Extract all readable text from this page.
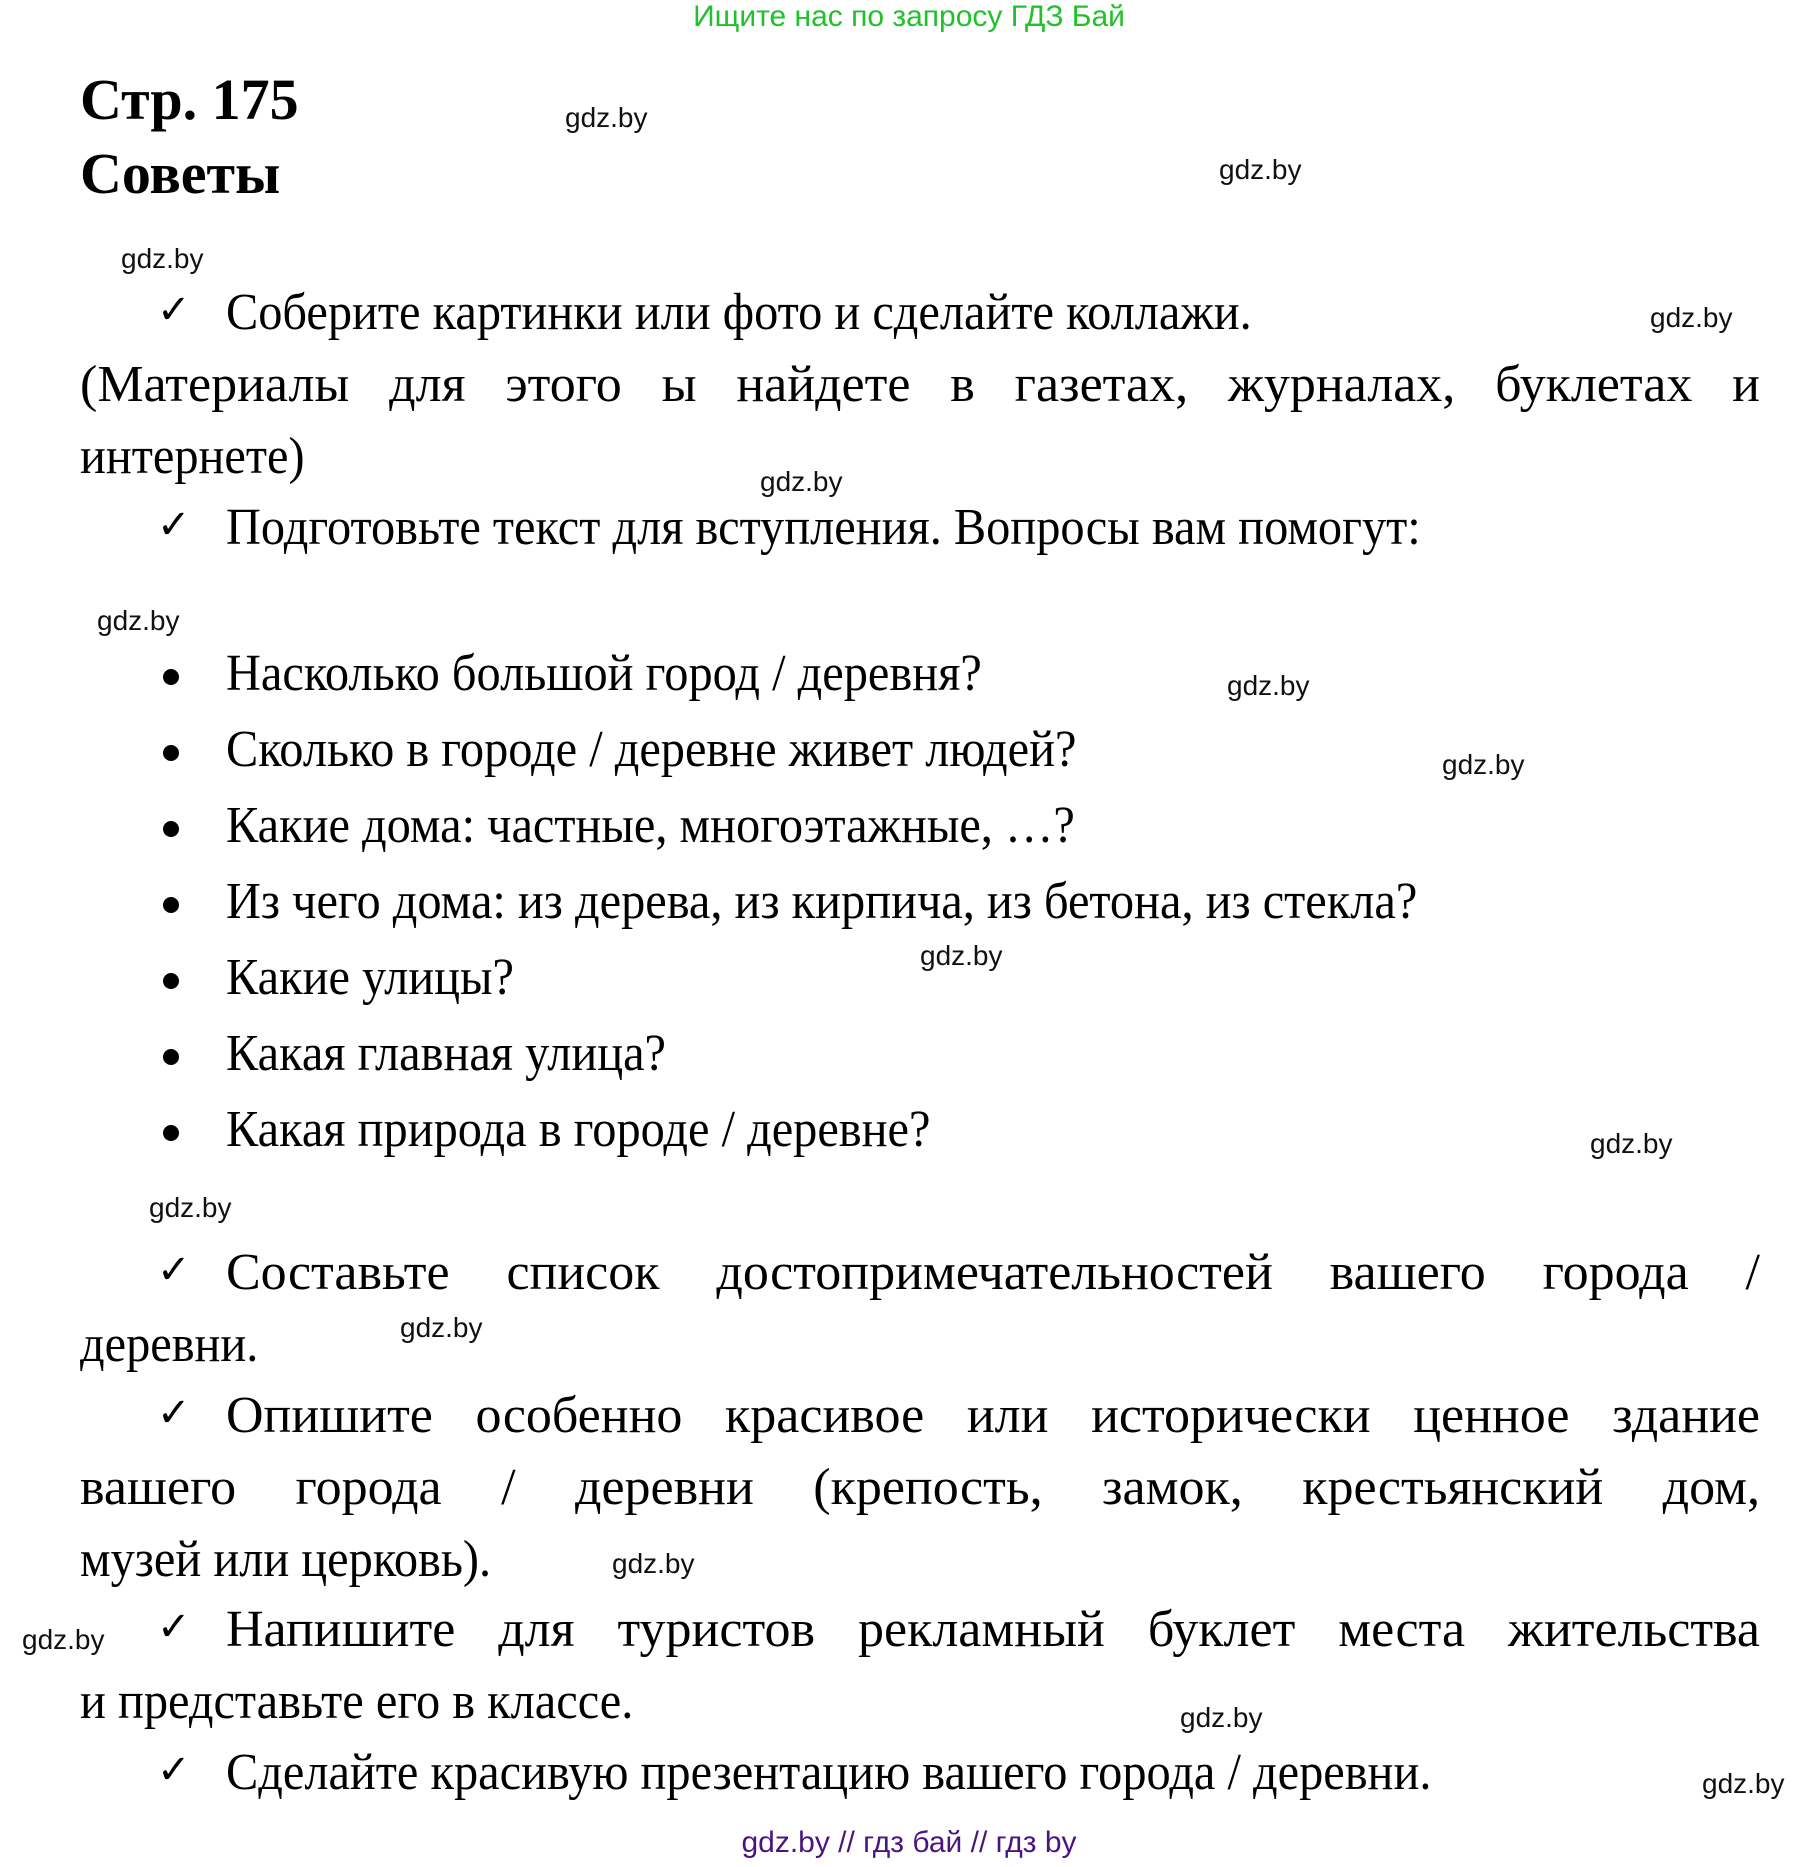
Ищите нас по запросу ГДЗ Бай
Стр. 175
Советы
gdz.by
gdz.by
gdz.by
gdz.by
gdz.by
gdz.by
gdz.by
gdz.by
gdz.by
gdz.by
gdz.by
gdz.by
gdz.by
gdz.by
gdz.by
gdz.by
✓ Соберите картинки или фото и сделайте коллажи.
(Материалы для этого ы найдете в газетах, журналах, буклетах и
интернете)
✓ Подготовьте текст для вступления. Вопросы вам помогут:
Насколько большой город / деревня?
Сколько в городе / деревне живет людей?
Какие дома: частные, многоэтажные, …?
Из чего дома: из дерева, из кирпича, из бетона, из стекла?
Какие улицы?
Какая главная улица?
Какая природа в городе / деревне?
✓ Составьте список достопримечательностей вашего города /
деревни.
✓ Опишите особенно красивое или исторически ценное здание
вашего города / деревни (крепость, замок, крестьянский дом,
музей или церковь).
✓ Напишите для туристов рекламный буклет места жительства
и представьте его в классе.
✓ Сделайте красивую презентацию вашего города / деревни.
gdz.by // гдз бай // гдз by
